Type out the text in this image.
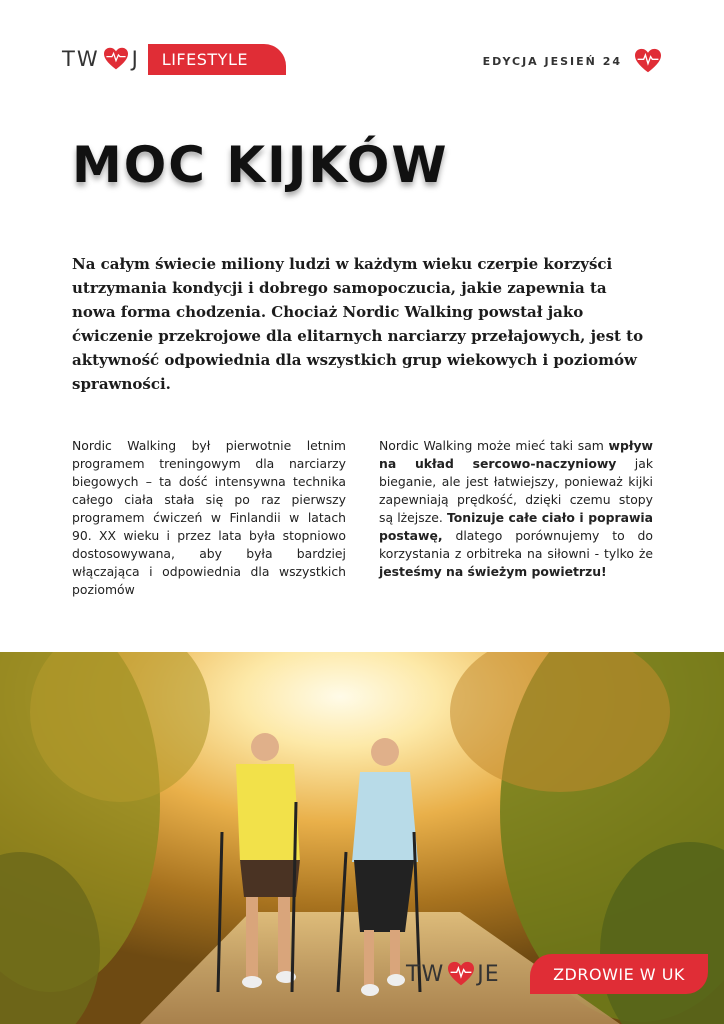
TW J	LIFESTYLE	EDYCJA JESIEŃ 24
MOC KIJKÓW

Na całym świecie miliony ludzi w każdym wieku czerpie korzyści utrzymania kondycji i dobrego samopoczucia, jakie zapewnia ta nowa forma chodzenia. Chociaż Nordic Walking powstał jako ćwiczenie przekrojowe dla elitarnych narciarzy przełajowych, jest to aktywność odpowiednia dla wszystkich grup wiekowych i poziomów sprawności.

Nordic Walking był pierwotnie letnim programem treningowym dla narciarzy biegowych – ta dość intensywna technika całego ciała stała się po raz pierwszy programem ćwiczeń w Finlandii w latach 90. XX wieku i przez lata była stopniowo dostosowywana, aby była bardziej włączająca i odpowiednia dla wszystkich poziomów

Nordic Walking może mieć taki sam wpływ na układ sercowo-naczyniowy jak bieganie, ale jest łatwiejszy, ponieważ kijki zapewniają prędkość, dzięki czemu stopy są lżejsze. Tonizuje całe ciało i poprawia postawę, dlatego porównujemy to do korzystania z orbitreka na siłowni - tylko że jesteśmy na świeżym powietrzu!

TW JE	ZDROWIE W UK
